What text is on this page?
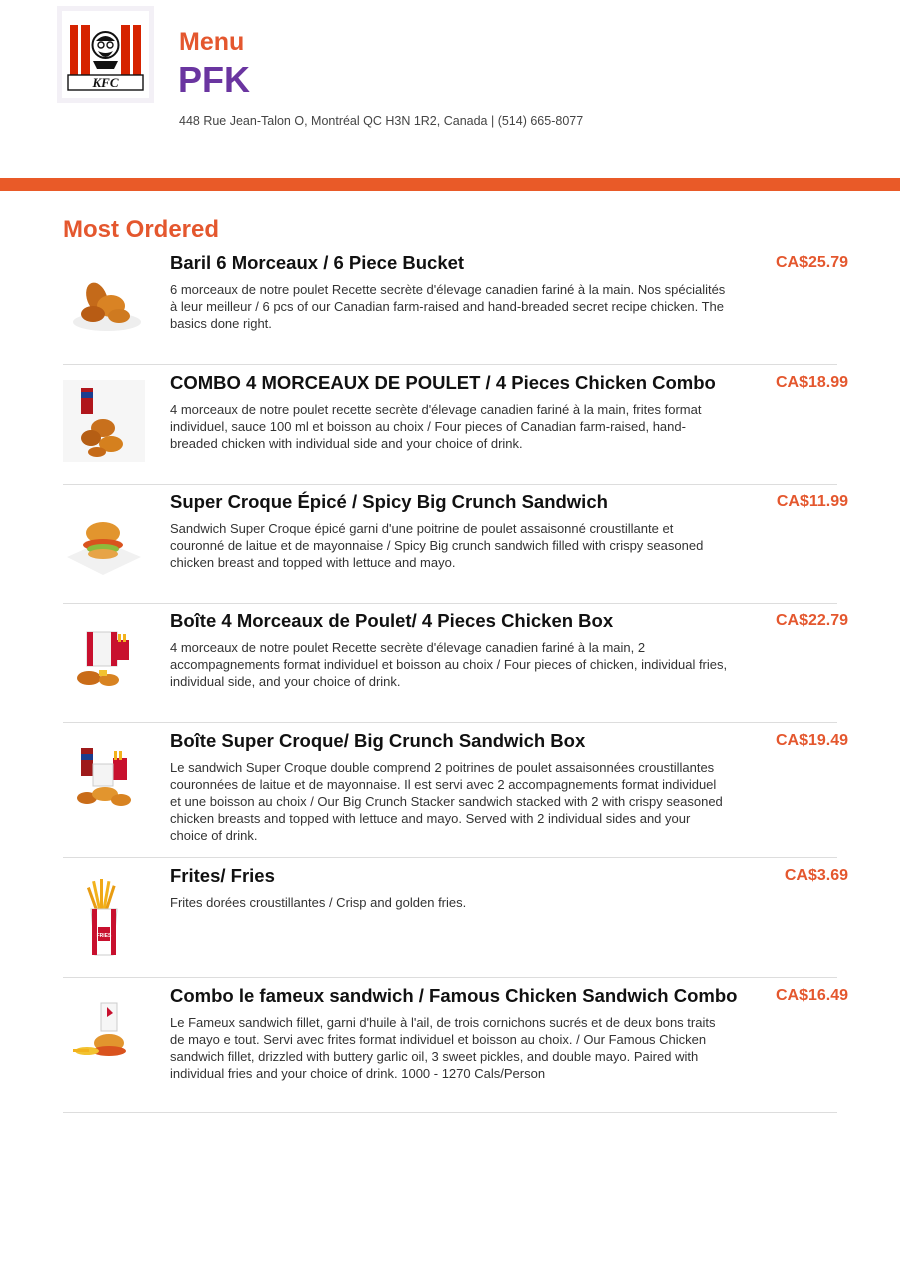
KFC
Menu
PFK
448 Rue Jean-Talon O, Montréal QC H3N 1R2, Canada | (514) 665-8077
Most Ordered
Baril 6 Morceaux / 6 Piece Bucket	CA$25.79
6 morceaux de notre poulet Recette secrète d'élevage canadien fariné à la main. Nos spécialités à leur meilleur / 6 pcs of our Canadian farm-raised and hand-breaded secret recipe chicken. The basics done right.
COMBO 4 MORCEAUX DE POULET / 4 Pieces Chicken Combo	CA$18.99
4 morceaux de notre poulet recette secrète d'élevage canadien fariné à la main, frites format individuel, sauce 100 ml et boisson au choix / Four pieces of Canadian farm-raised, hand-breaded chicken with individual side and your choice of drink.
Super Croque Épicé / Spicy Big Crunch Sandwich	CA$11.99
Sandwich Super Croque épicé garni d'une poitrine de poulet assaisonné croustillante et couronné de laitue et de mayonnaise / Spicy Big crunch sandwich filled with crispy seasoned chicken breast and topped with lettuce and mayo.
Boîte 4 Morceaux de Poulet/ 4 Pieces Chicken Box	CA$22.79
4 morceaux de notre poulet Recette secrète d'élevage canadien fariné à la main, 2 accompagnements format individuel et boisson au choix / Four pieces of chicken, individual fries, individual side, and your choice of drink.
Boîte Super Croque/ Big Crunch Sandwich Box	CA$19.49
Le sandwich Super Croque double comprend 2 poitrines de poulet assaisonnées croustillantes couronnées de laitue et de mayonnaise. Il est servi avec 2 accompagnements format individuel et une boisson au choix / Our Big Crunch Stacker sandwich stacked with 2 with crispy seasoned chicken breasts and topped with lettuce and mayo. Served with 2 individual sides and your choice of drink.
FRIES
Frites/ Fries	CA$3.69
Frites dorées croustillantes / Crisp and golden fries.
Combo le fameux sandwich / Famous Chicken Sandwich Combo CA$16.49
Le Fameux sandwich fillet, garni d'huile à l'ail, de trois cornichons sucrés et de deux bons traits de mayo e tout. Servi avec frites format individuel et boisson au choix. / Our Famous Chicken sandwich fillet, drizzled with buttery garlic oil, 3 sweet pickles, and double mayo. Paired with individual fries and your choice of drink. 1000 - 1270 Cals/Person
